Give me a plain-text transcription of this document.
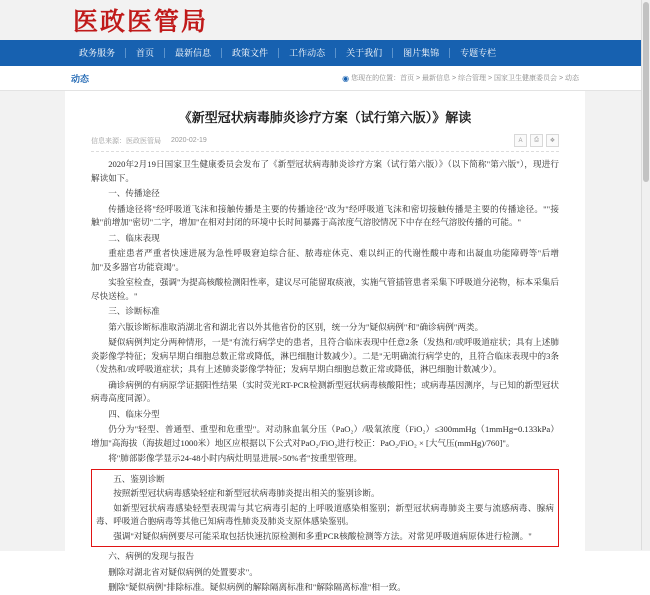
医政医管局
政务服务	首页	最新信息	政策文件	工作动态	关于我们	图片集锦	专题专栏
动态	◉ 您现在的位置：首页 > 最新信息 > 综合管理 > 国家卫生健康委员会 > 动态
《新型冠状病毒肺炎诊疗方案（试行第六版）》解读
信息来源：医政医管局 2020-02-19	A	⎙	❖

2020年2月19日国家卫生健康委员会发布了《新型冠状病毒肺炎诊疗方案（试行第六版）》（以下简称"第六版"），现进行解读如下。

一、传播途径

传播途径将"经呼吸道飞沫和接触传播是主要的传播途径"改为"经呼吸道飞沫和密切接触传播是主要的传播途径。""接触"前增加"密切"二字，增加"在相对封闭的环境中长时间暴露于高浓度气溶胶情况下中存在经气溶胶传播的可能。"

二、临床表现

重症患者严重者快速进展为急性呼吸窘迫综合征、脓毒症休克、难以纠正的代谢性酸中毒和出凝血功能障碍等"后增加"及多器官功能衰竭"。

实验室检查，强调"为提高核酸检测阳性率，建议尽可能留取痰液，实施气管插管患者采集下呼吸道分泌物，标本采集后尽快送检。"

三、诊断标准

第六版诊断标准取消湖北省和湖北省以外其他省份的区别，统一分为"疑似病例"和"确诊病例"两类。

疑似病例判定分两种情形，一是"有流行病学史的患者，且符合临床表现中任意2条（发热和/或呼吸道症状；具有上述肺炎影像学特征；发病早期白细胞总数正常或降低，淋巴细胞计数减少）。二是"无明确流行病学史的，且符合临床表现中的3条（发热和/或呼吸道症状；具有上述肺炎影像学特征；发病早期白细胞总数正常或降低，淋巴细胞计数减少）。

确诊病例的有病原学证据阳性结果（实时荧光RT-PCR检测新型冠状病毒核酸阳性；或病毒基因测序，与已知的新型冠状病毒高度同源）。

四、临床分型

仍分为"轻型、普通型、重型和危重型"。对动脉血氧分压（PaO₂）/吸氧浓度（FiO₂）≤300mmHg（1mmHg=0.133kPa）增加"高海拔（海拔超过1000米）地区应根据以下公式对PaO₂/FiO₂进行校正：PaO₂/FiO₂ × [大气压(mmHg)/760]"。

将"肺部影像学显示24-48小时内病灶明显进展>50%者"按重型管理。

五、鉴别诊断

按照新型冠状病毒感染轻症和新型冠状病毒肺炎提出相关的鉴别诊断。

如新型冠状病毒感染轻型表现需与其它病毒引起的上呼吸道感染相鉴别；新型冠状病毒肺炎主要与流感病毒、腺病毒、呼吸道合胞病毒等其他已知病毒性肺炎及肺炎支原体感染鉴别。

强调"对疑似病例要尽可能采取包括快速抗原检测和多重PCR核酸检测等方法。对常见呼吸道病原体进行检测。"

六、病例的发现与报告

删除对湖北省对疑似病例的处置要求"。

删除"疑似病例"排除标准。疑似病例的解除隔离标准和"解除隔离标准"相一致。
